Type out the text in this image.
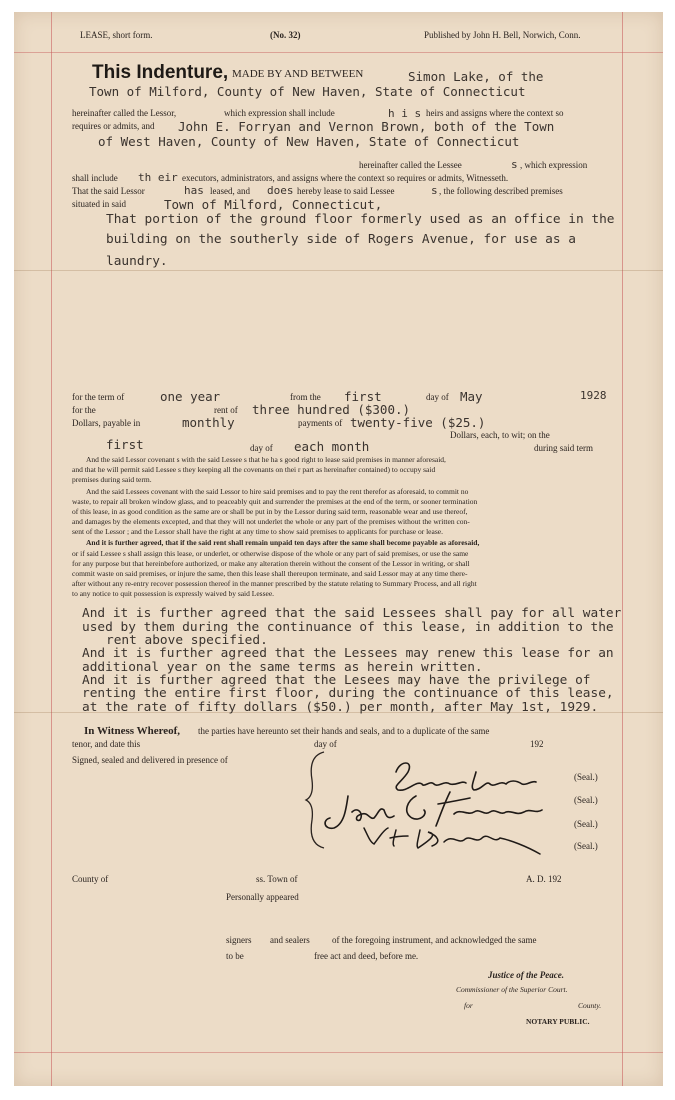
LEASE, short form.	(No. 32)	Published by John H. Bell, Norwich, Conn.
This Indenture, MADE BY AND BETWEEN	Simon Lake, of the
Town of Milford, County of New Haven, State of Connecticut
hereinafter called the Lessor,	which expression shall include	h i s heirs and assigns where the context so
requires or admits, and John E. Forryan and Vernon Brown, both of the Town
of West Haven, County of New Haven, State of Connecticut
hereinafter called the Lessee	s , which expression
shall include th eir executors, administrators, and assigns where the context so requires or admits, Witnesseth.
That the said Lessor	has leased, and does hereby lease to said Lessee	s , the following described premises
situated in said	Town of Milford, Connecticut,
That portion of the ground floor formerly used as an office in the
building on the southerly side of Rogers Avenue, for use as a
laundry.
for the term of	one year	from the first	day of May	1928
for the	rent of three hundred ($300.)
Dollars, payable in	monthly	payments of twenty-five ($25.)
Dollars, each, to wit; on the
first	day of each month	during said term
And the said Lessor covenant s with the said Lessee s that he ha s good right to lease said premises in manner aforesaid,
and that he will permit said Lessee s they keeping all the covenants on thei r part as hereinafter contained) to occupy said
premises during said term.
And the said Lessees covenant with the said Lessor to hire said premises and to pay the rent therefor as aforesaid, to commit no
waste, to repair all broken window glass, and to peaceably quit and surrender the premises at the end of the term, or sooner termination
of this lease, in as good condition as the same are or shall be put in by the Lessor during said term, reasonable wear and use thereof,
and damages by the elements excepted, and that they will not underlet the whole or any part of the premises without the written con-
sent of the Lessor ; and the Lessor shall have the right at any time to show said premises to applicants for purchase or lease.
And it is further agreed, that if the said rent shall remain unpaid ten days after the same shall become payable as aforesaid,
or if said Lessee s shall assign this lease, or underlet, or otherwise dispose of the whole or any part of said premises, or use the same
for any purpose but that hereinbefore authorized, or make any alteration therein without the consent of the Lessor in writing, or shall
commit waste on said premises, or injure the same, then this lease shall thereupon terminate, and said Lessor may at any time there-
after without any re-entry recover possession thereof in the manner prescribed by the statute relating to Summary Process, and all right
to any notice to quit possession is expressly waived by said Lessee.
And it is further agreed that the said Lessees shall pay for all water
used by them during the continuance of this lease, in addition to the
rent above specified.
And it is further agreed that the Lessees may renew this lease for an
additional year on the same terms as herein written.
And it is further agreed that the Lesees may have the privilege of
renting the entire first floor, during the continuance of this lease,
at the rate of fifty dollars ($50.) per month, after May 1st, 1929.
In Witness Whereof, the parties have hereunto set their hands and seals, and to a duplicate of the same
tenor, and date this	day of	192
Signed, sealed and delivered in presence of
(Seal.)
(Seal.)
(Seal.)
(Seal.)
County of	ss. Town of	A. D. 192
Personally appeared
signers and sealers of the foregoing instrument, and acknowledged the same
to be	free act and deed, before me.
Justice of the Peace.
Commissioner of the Superior Court.
for	County.
NOTARY PUBLIC.
